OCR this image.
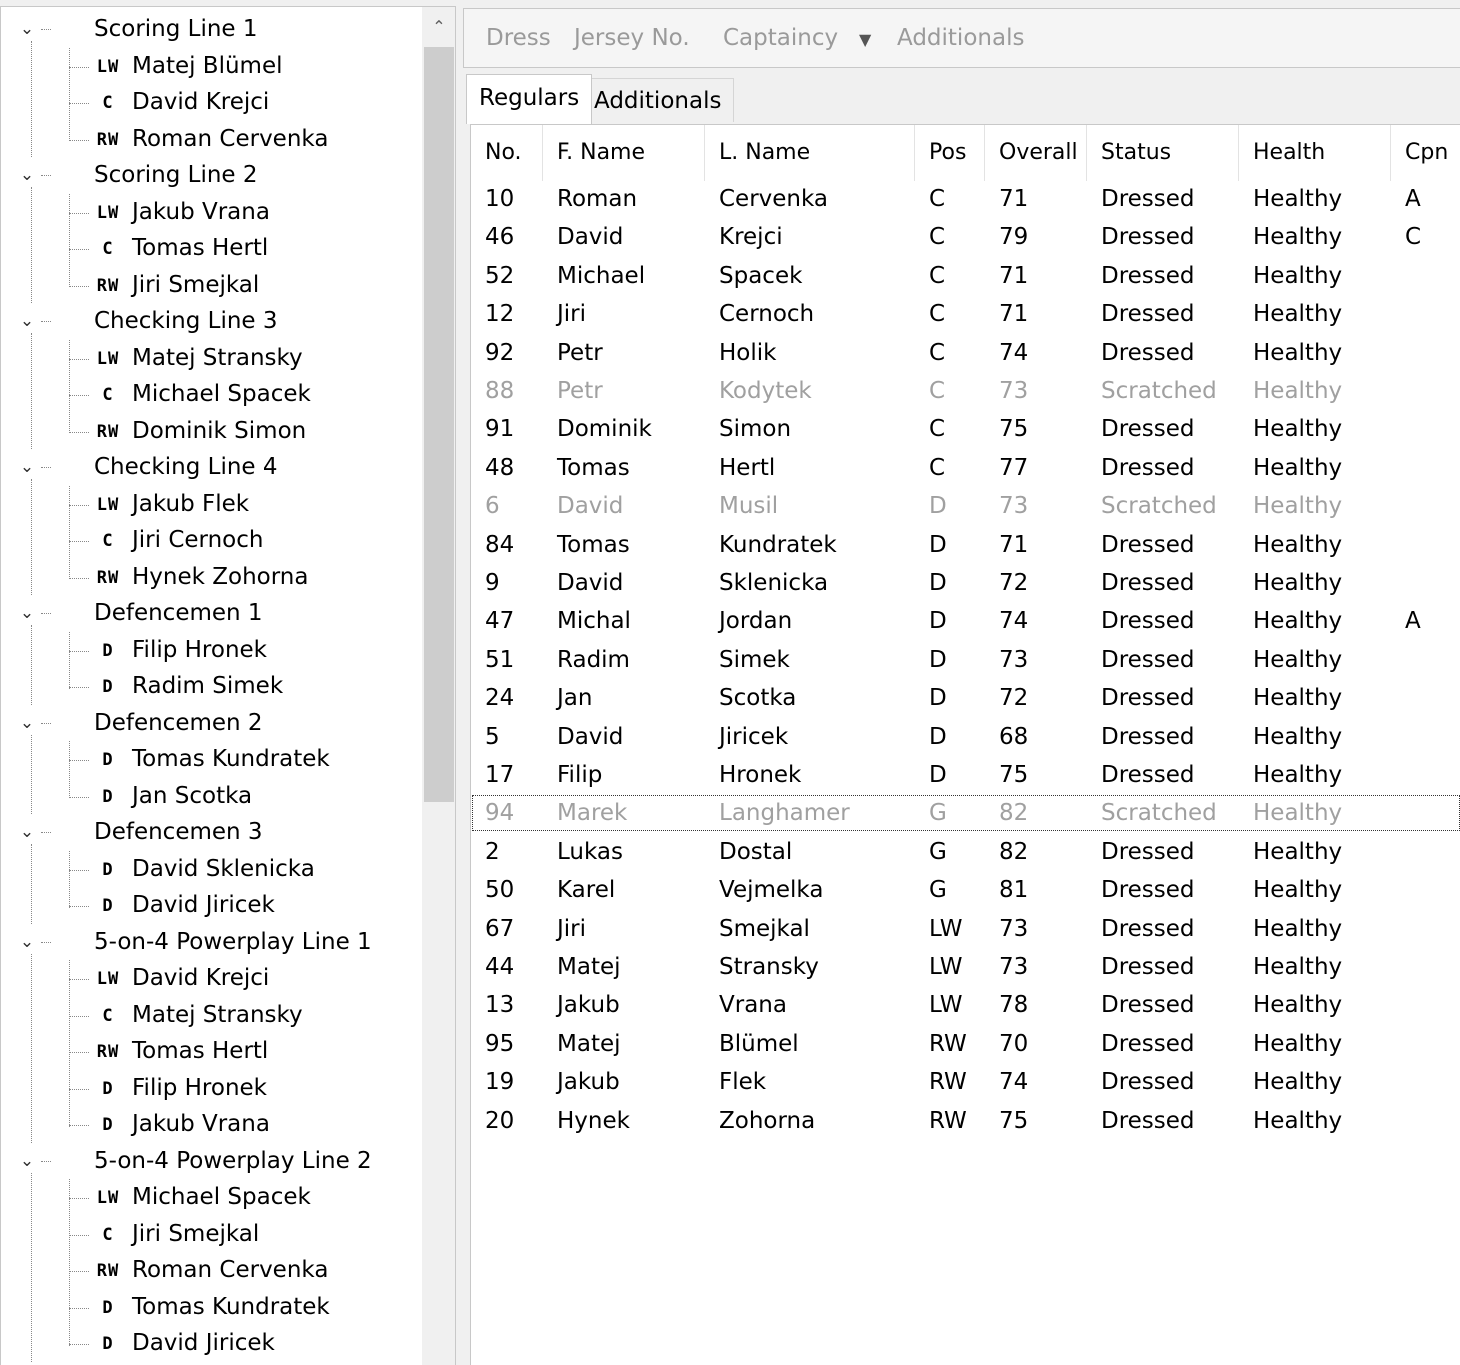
⌄	Scoring Line 1
LW Matej Blümel
C David Krejci
RW Roman Cervenka
⌄	Scoring Line 2
LW Jakub Vrana
C Tomas Hertl
RW Jiri Smejkal
⌄	Checking Line 3
LW Matej Stransky
C Michael Spacek
RW Dominik Simon
⌄	Checking Line 4
LW Jakub Flek
C Jiri Cernoch
RW Hynek Zohorna
⌄	Defencemen 1
D Filip Hronek
D Radim Simek
⌄	Defencemen 2
D Tomas Kundratek
D Jan Scotka
⌄	Defencemen 3
D David Sklenicka
D David Jiricek
⌄	5-on-4 Powerplay Line 1
LW David Krejci
C Matej Stransky
RW Tomas Hertl
D Filip Hronek
D Jakub Vrana
⌄	5-on-4 Powerplay Line 2
LW Michael Spacek
C Jiri Smejkal
RW Roman Cervenka
D Tomas Kundratek
D David Jiricek
⌃	Dress Jersey No. Captaincy ▼ Additionals
Regulars Additionals
No.	F. Name	L. Name	Pos	Overall	Status	Health	Cpn
10	Roman	Cervenka	C	71	Dressed	Healthy	A
46	David	Krejci	C	79	Dressed	Healthy	C
52	Michael	Spacek	C	71	Dressed	Healthy
12	Jiri	Cernoch	C	71	Dressed	Healthy
92	Petr	Holik	C	74	Dressed	Healthy
88	Petr	Kodytek	C	73	Scratched	Healthy
91	Dominik	Simon	C	75	Dressed	Healthy
48	Tomas	Hertl	C	77	Dressed	Healthy
6	David	Musil	D	73	Scratched	Healthy
84	Tomas	Kundratek	D	71	Dressed	Healthy
9	David	Sklenicka	D	72	Dressed	Healthy
47	Michal	Jordan	D	74	Dressed	Healthy	A
51	Radim	Simek	D	73	Dressed	Healthy
24	Jan	Scotka	D	72	Dressed	Healthy
5	David	Jiricek	D	68	Dressed	Healthy
17	Filip	Hronek	D	75	Dressed	Healthy
94	Marek	Langhamer	G	82	Scratched	Healthy
2	Lukas	Dostal	G	82	Dressed	Healthy
50	Karel	Vejmelka	G	81	Dressed	Healthy
67	Jiri	Smejkal	LW	73	Dressed	Healthy
44	Matej	Stransky	LW	73	Dressed	Healthy
13	Jakub	Vrana	LW	78	Dressed	Healthy
95	Matej	Blümel	RW	70	Dressed	Healthy
19	Jakub	Flek	RW	74	Dressed	Healthy
20	Hynek	Zohorna	RW	75	Dressed	Healthy
